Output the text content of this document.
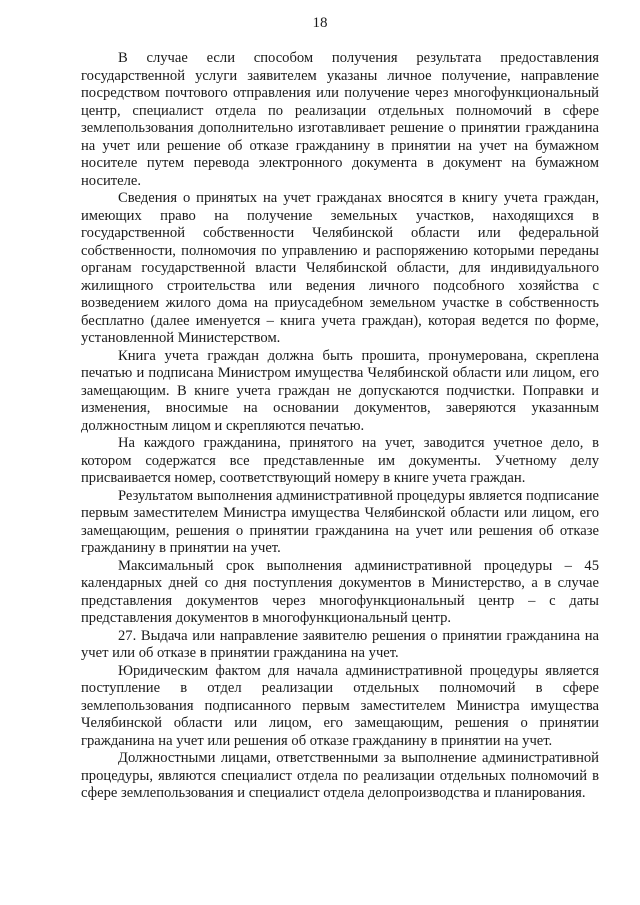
18

В случае если способом получения результата предоставления государственной услуги заявителем указаны личное получение, направление посредством почтового отправления или получение через многофункциональный центр, специалист отдела по реализации отдельных полномочий в сфере землепользования дополнительно изготавливает решение о принятии гражданина на учет или решение об отказе гражданину в принятии на учет на бумажном носителе путем перевода электронного документа в документ на бумажном носителе.

Сведения о принятых на учет гражданах вносятся в книгу учета граждан, имеющих право на получение земельных участков, находящихся в государственной собственности Челябинской области или федеральной собственности, полномочия по управлению и распоряжению которыми переданы органам государственной власти Челябинской области, для индивидуального жилищного строительства или ведения личного подсобного хозяйства с возведением жилого дома на приусадебном земельном участке в собственность бесплатно (далее именуется – книга учета граждан), которая ведется по форме, установленной Министерством.

Книга учета граждан должна быть прошита, пронумерована, скреплена печатью и подписана Министром имущества Челябинской области или лицом, его замещающим. В книге учета граждан не допускаются подчистки. Поправки и изменения, вносимые на основании документов, заверяются указанным должностным лицом и скрепляются печатью.

На каждого гражданина, принятого на учет, заводится учетное дело, в котором содержатся все представленные им документы. Учетному делу присваивается номер, соответствующий номеру в книге учета граждан.

Результатом выполнения административной процедуры является подписание первым заместителем Министра имущества Челябинской области или лицом, его замещающим, решения о принятии гражданина на учет или решения об отказе гражданину в принятии на учет.

Максимальный срок выполнения административной процедуры – 45 календарных дней со дня поступления документов в Министерство, а в случае представления документов через многофункциональный центр – с даты представления документов в многофункциональный центр.

27. Выдача или направление заявителю решения о принятии гражданина на учет или об отказе в принятии гражданина на учет.

Юридическим фактом для начала административной процедуры является поступление в отдел реализации отдельных полномочий в сфере землепользования подписанного первым заместителем Министра имущества Челябинской области или лицом, его замещающим, решения о принятии гражданина на учет или решения об отказе гражданину в принятии на учет.

Должностными лицами, ответственными за выполнение административной процедуры, являются специалист отдела по реализации отдельных полномочий в сфере землепользования и специалист отдела делопроизводства и планирования.
